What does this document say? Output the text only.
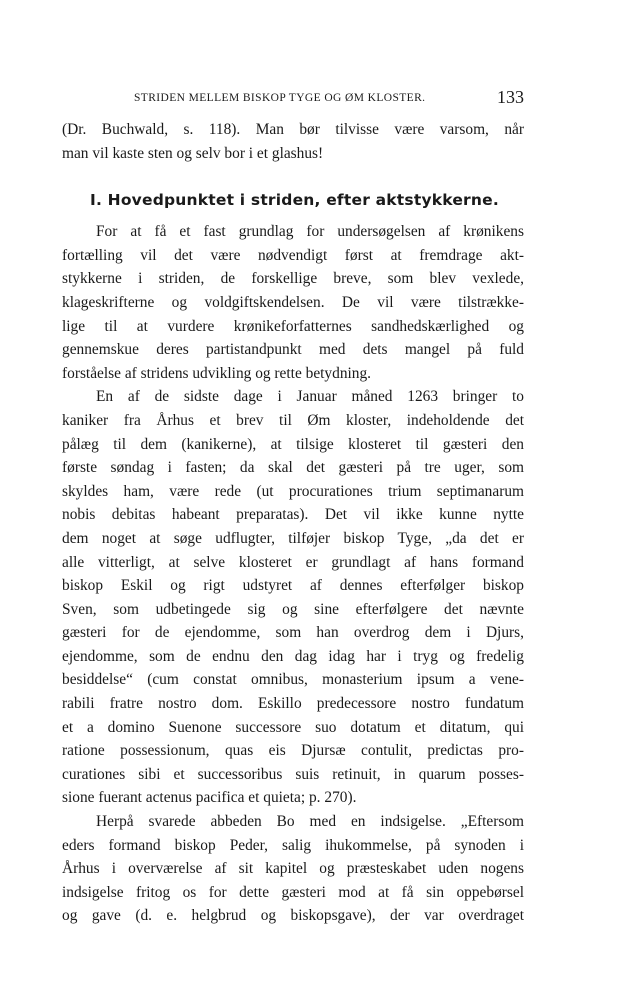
STRIDEN MELLEM BISKOP TYGE OG ØM KLOSTER.	133
(Dr. Buchwald, s. 118). Man bør tilvisse være varsom, når
man vil kaste sten og selv bor i et glashus!
I. Hovedpunktet i striden, efter aktstykkerne.
For at få et fast grundlag for undersøgelsen af krønikens
fortælling vil det være nødvendigt først at fremdrage akt-
stykkerne i striden, de forskellige breve, som blev vexlede,
klageskrifterne og voldgiftskendelsen. De vil være tilstrække-
lige til at vurdere krønikeforfatternes sandhedskærlighed og
gennemskue deres partistandpunkt med dets mangel på fuld
forståelse af stridens udvikling og rette betydning.
En af de sidste dage i Januar måned 1263 bringer to
kaniker fra Århus et brev til Øm kloster, indeholdende det
pålæg til dem (kanikerne), at tilsige klosteret til gæsteri den
første søndag i fasten; da skal det gæsteri på tre uger, som
skyldes ham, være rede (ut procurationes trium septimanarum
nobis debitas habeant preparatas). Det vil ikke kunne nytte
dem noget at søge udflugter, tilføjer biskop Tyge, „da det er
alle vitterligt, at selve klosteret er grundlagt af hans formand
biskop Eskil og rigt udstyret af dennes efterfølger biskop
Sven, som udbetingede sig og sine efterfølgere det nævnte
gæsteri for de ejendomme, som han overdrog dem i Djurs,
ejendomme, som de endnu den dag idag har i tryg og fredelig
besiddelse“ (cum constat omnibus, monasterium ipsum a vene-
rabili fratre nostro dom. Eskillo predecessore nostro fundatum
et a domino Suenone successore suo dotatum et ditatum, qui
ratione possessionum, quas eis Djursæ contulit, predictas pro-
curationes sibi et successoribus suis retinuit, in quarum posses-
sione fuerant actenus pacifica et quieta; p. 270).
Herpå svarede abbeden Bo med en indsigelse. „Eftersom
eders formand biskop Peder, salig ihukommelse, på synoden i
Århus i overværelse af sit kapitel og præsteskabet uden nogens
indsigelse fritog os for dette gæsteri mod at få sin oppebørsel
og gave (d. e. helgbrud og biskopsgave), der var overdraget
